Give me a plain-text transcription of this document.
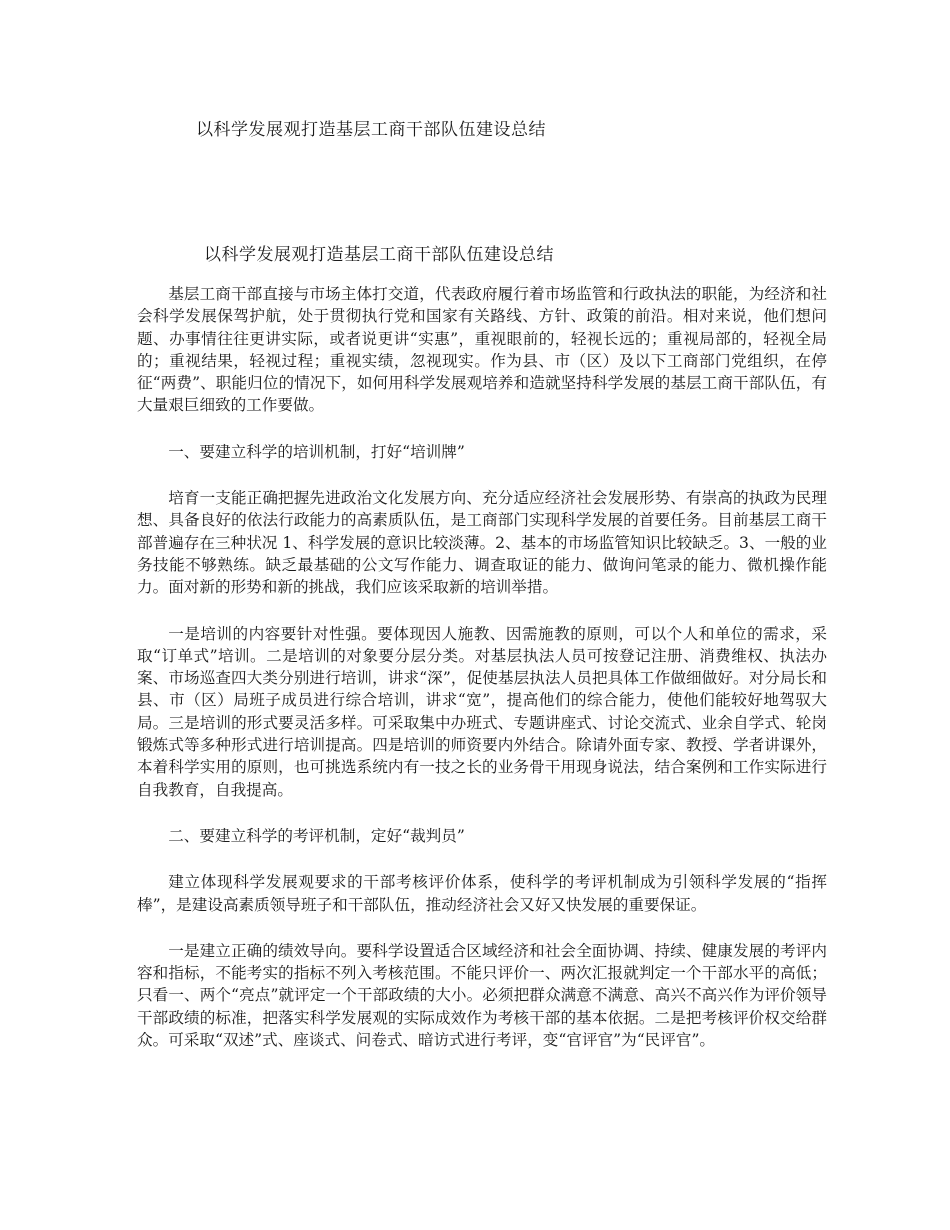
以科学发展观打造基层工商干部队伍建设总结
以科学发展观打造基层工商干部队伍建设总结

基层工商干部直接与市场主体打交道，代表政府履行着市场监管和行政执法的职能，为经济和社会科学发展保驾护航，处于贯彻执行党和国家有关路线、方针、政策的前沿。相对来说，他们想问题、办事情往往更讲实际，或者说更讲“实惠”，重视眼前的，轻视长远的；重视局部的，轻视全局的；重视结果，轻视过程；重视实绩，忽视现实。作为县、市（区）及以下工商部门党组织，在停征“两费”、职能归位的情况下，如何用科学发展观培养和造就坚持科学发展的基层工商干部队伍，有大量艰巨细致的工作要做。

一、要建立科学的培训机制，打好“培训牌”

培育一支能正确把握先进政治文化发展方向、充分适应经济社会发展形势、有崇高的执政为民理想、具备良好的依法行政能力的高素质队伍，是工商部门实现科学发展的首要任务。目前基层工商干部普遍存在三种状况 1、科学发展的意识比较淡薄。2、基本的市场监管知识比较缺乏。3、一般的业务技能不够熟练。缺乏最基础的公文写作能力、调查取证的能力、做询问笔录的能力、微机操作能力。面对新的形势和新的挑战，我们应该采取新的培训举措。

一是培训的内容要针对性强。要体现因人施教、因需施教的原则，可以个人和单位的需求，采取“订单式”培训。二是培训的对象要分层分类。对基层执法人员可按登记注册、消费维权、执法办案、市场巡查四大类分别进行培训，讲求“深”，促使基层执法人员把具体工作做细做好。对分局长和县、市（区）局班子成员进行综合培训，讲求“宽”，提高他们的综合能力，使他们能较好地驾驭大局。三是培训的形式要灵活多样。可采取集中办班式、专题讲座式、讨论交流式、业余自学式、轮岗锻炼式等多种形式进行培训提高。四是培训的师资要内外结合。除请外面专家、教授、学者讲课外，本着科学实用的原则，也可挑选系统内有一技之长的业务骨干用现身说法，结合案例和工作实际进行自我教育，自我提高。

二、要建立科学的考评机制，定好“裁判员”

建立体现科学发展观要求的干部考核评价体系，使科学的考评机制成为引领科学发展的“指挥棒”，是建设高素质领导班子和干部队伍，推动经济社会又好又快发展的重要保证。

一是建立正确的绩效导向。要科学设置适合区域经济和社会全面协调、持续、健康发展的考评内容和指标，不能考实的指标不列入考核范围。不能只评价一、两次汇报就判定一个干部水平的高低；只看一、两个“亮点”就评定一个干部政绩的大小。必须把群众满意不满意、高兴不高兴作为评价领导干部政绩的标准，把落实科学发展观的实际成效作为考核干部的基本依据。二是把考核评价权交给群众。可采取“双述”式、座谈式、问卷式、暗访式进行考评，变“官评官”为“民评官”。
